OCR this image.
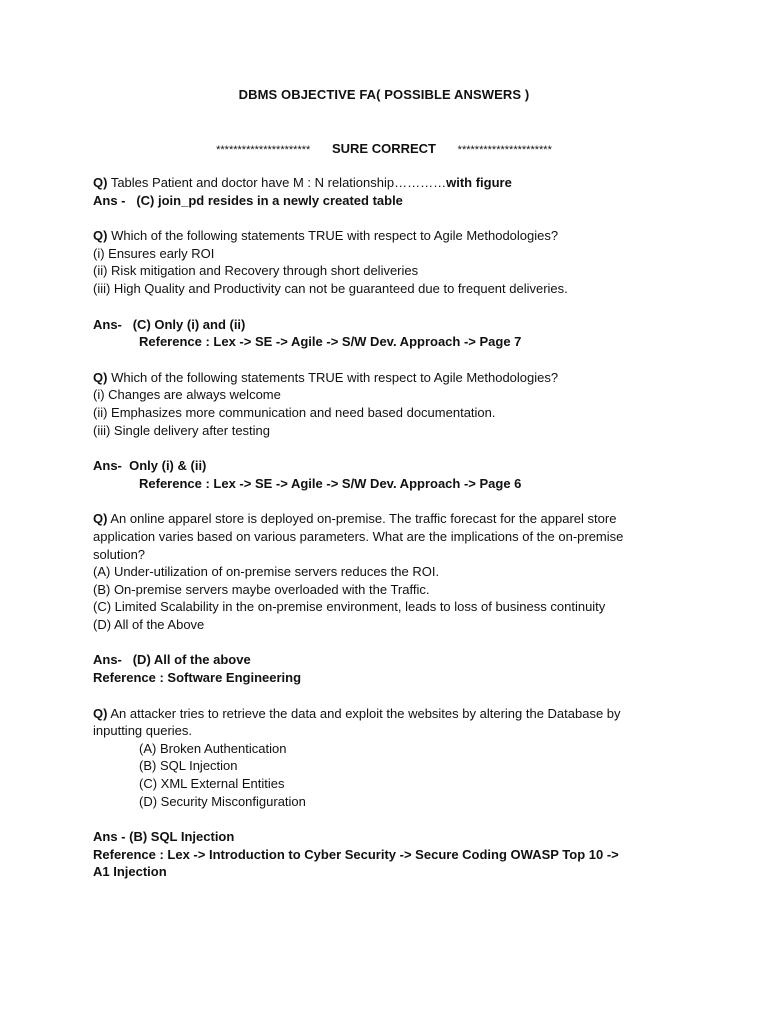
DBMS OBJECTIVE FA( POSSIBLE ANSWERS )
********************** SURE CORRECT **********************
Q) Tables Patient and doctor have M : N relationship…………with figure
Ans -   (C) join_pd resides in a newly created table
Q) Which of the following statements TRUE with respect to Agile Methodologies?
(i) Ensures early ROI
(ii) Risk mitigation and Recovery through short deliveries
(iii) High Quality and Productivity can not be guaranteed due to frequent deliveries.
Ans-   (C) Only (i) and (ii)
Reference : Lex -> SE -> Agile -> S/W Dev. Approach -> Page 7
Q) Which of the following statements TRUE with respect to Agile Methodologies?
(i) Changes are always welcome
(ii) Emphasizes more communication and need based documentation.
(iii) Single delivery after testing
Ans-  Only (i) & (ii)
Reference : Lex -> SE -> Agile -> S/W Dev. Approach -> Page 6
Q) An online apparel store is deployed on-premise. The traffic forecast for the apparel store
application varies based on various parameters. What are the implications of the on-premise
solution?
(A) Under-utilization of on-premise servers reduces the ROI.
(B) On-premise servers maybe overloaded with the Traffic.
(C) Limited Scalability in the on-premise environment, leads to loss of business continuity
(D) All of the Above
Ans-   (D) All of the above
Reference : Software Engineering
Q) An attacker tries to retrieve the data and exploit the websites by altering the Database by
inputting queries.
(A) Broken Authentication
(B) SQL Injection
(C) XML External Entities
(D) Security Misconfiguration
Ans - (B) SQL Injection
Reference : Lex -> Introduction to Cyber Security -> Secure Coding OWASP Top 10 ->
A1 Injection
